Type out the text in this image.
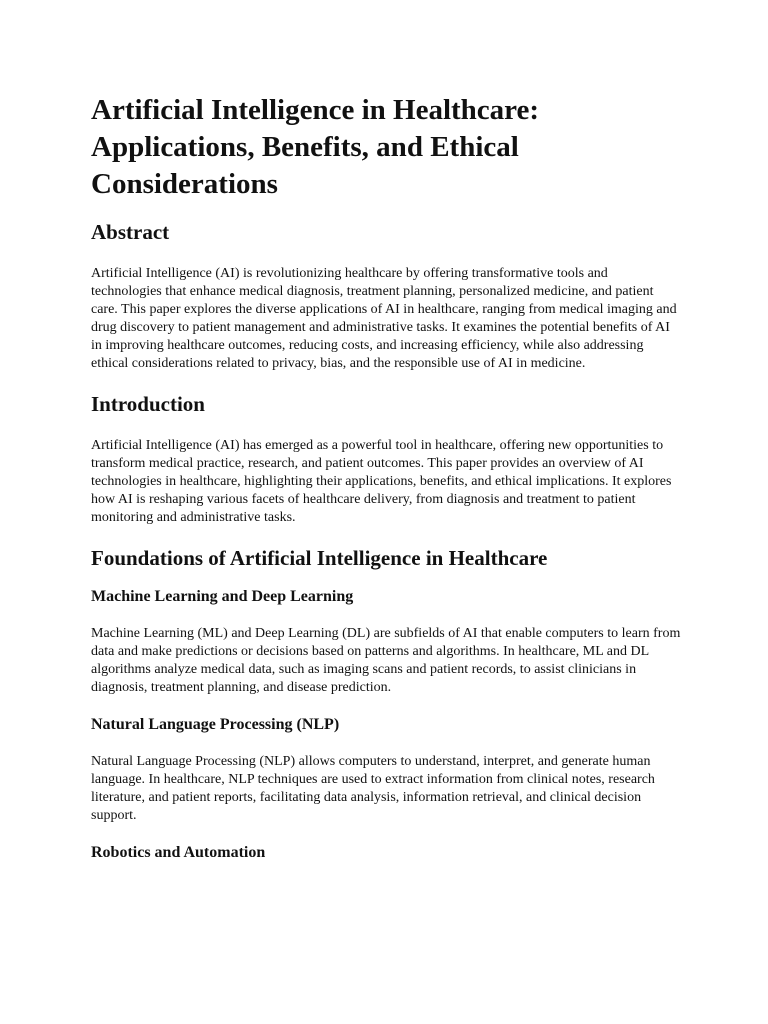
Artificial Intelligence in Healthcare: Applications, Benefits, and Ethical Considerations
Abstract

Artificial Intelligence (AI) is revolutionizing healthcare by offering transformative tools and technologies that enhance medical diagnosis, treatment planning, personalized medicine, and patient care. This paper explores the diverse applications of AI in healthcare, ranging from medical imaging and drug discovery to patient management and administrative tasks. It examines the potential benefits of AI in improving healthcare outcomes, reducing costs, and increasing efficiency, while also addressing ethical considerations related to privacy, bias, and the responsible use of AI in medicine.

Introduction

Artificial Intelligence (AI) has emerged as a powerful tool in healthcare, offering new opportunities to transform medical practice, research, and patient outcomes. This paper provides an overview of AI technologies in healthcare, highlighting their applications, benefits, and ethical implications. It explores how AI is reshaping various facets of healthcare delivery, from diagnosis and treatment to patient monitoring and administrative tasks.

Foundations of Artificial Intelligence in Healthcare
Machine Learning and Deep Learning

Machine Learning (ML) and Deep Learning (DL) are subfields of AI that enable computers to learn from data and make predictions or decisions based on patterns and algorithms. In healthcare, ML and DL algorithms analyze medical data, such as imaging scans and patient records, to assist clinicians in diagnosis, treatment planning, and disease prediction.

Natural Language Processing (NLP)

Natural Language Processing (NLP) allows computers to understand, interpret, and generate human language. In healthcare, NLP techniques are used to extract information from clinical notes, research literature, and patient reports, facilitating data analysis, information retrieval, and clinical decision support.

Robotics and Automation
